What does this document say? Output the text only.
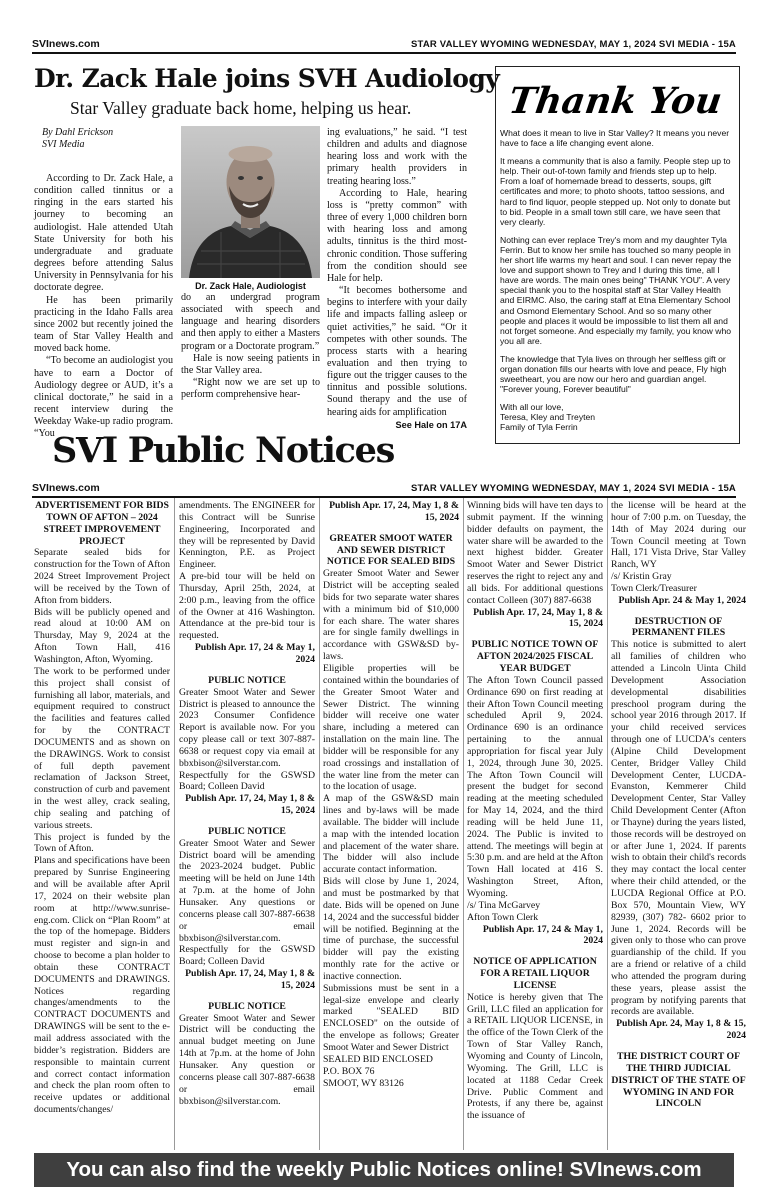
SVInews.com	STAR VALLEY WYOMING WEDNESDAY, MAY 1, 2024 SVI MEDIA - 15A
Dr. Zack Hale joins SVH Audiology
Star Valley graduate back home, helping us hear.
By Dahl Erickson
SVI Media

According to Dr. Zack Hale, a condition called tinnitus or a ringing in the ears started his journey to becoming an audiologist. Hale attended Utah State University for both his undergraduate and graduate degrees before attending Salus University in Pennsylvania for his doctorate degree.

He has been primarily practicing in the Idaho Falls area since 2002 but recently joined the team of Star Valley Health and moved back home.

“To become an audiologist you have to earn a Doctor of Audiology degree or AUD, it’s a clinical doctorate,” he said in a recent interview during the Weekday Wake-up radio program. “You

Dr. Zack Hale, Audiologist

do an undergrad program associated with speech and language and hearing disorders and then apply to either a Masters program or a Doctorate program.”

Hale is now seeing patients in the Star Valley area.

“Right now we are set up to perform comprehensive hear-

ing evaluations,” he said. “I test children and adults and diagnose hearing loss and work with the primary health providers in treating hearing loss.”

According to Hale, hearing loss is “pretty common” with three of every 1,000 children born with hearing loss and among adults, tinnitus is the third most-chronic condition. Those suffering from the condition should see Hale for help.

“It becomes bothersome and begins to interfere with your daily life and impacts falling asleep or quiet activities,” he said. “Or it competes with other sounds. The process starts with a hearing evaluation and then trying to figure out the trigger causes to the tinnitus and possible solutions. Sound therapy and the use of hearing aids for amplification

See Hale on 17A
Thank You

What does it mean to live in Star Valley? It means you never have to face a life changing event alone.

It means a community that is also a family. People step up to help. Their out-of-town family and friends step up to help. From a loaf of homemade bread to desserts, soups, gift certificates and more; to photo shoots, tattoo sessions, and hard to find liquor, people stepped up. Not only to donate but to bid. People in a small town still care, we have seen that very clearly.

Nothing can ever replace Trey's mom and my daughter Tyla Ferrin. But to know her smile has touched so many people in her short life warms my heart and soul. I can never repay the love and support shown to Trey and I during this time, all I have are words. The main ones being" THANK YOU". A very special thank you to the hospital staff at Star Valley Health and EIRMC. Also, the caring staff at Etna Elementary School and Osmond Elementary School. And so so many other people and places it would be impossible to list them all and not forget someone. And especially my family, you know who you all are.

The knowledge that Tyla lives on through her selfless gift or organ donation fills our hearts with love and peace, Fly high sweetheart, you are now our hero and guardian angel. "Forever young, Forever beautiful"

With all our love,
Teresa, Kley and Treyten
Family of Tyla Ferrin
SVI Public Notices
SVInews.com	STAR VALLEY WYOMING WEDNESDAY, MAY 1, 2024 SVI MEDIA - 15A
ADVERTISEMENT FOR BIDS TOWN OF AFTON – 2024 STREET IMPROVEMENT PROJECT
Separate sealed bids for construction for the Town of Afton 2024 Street Improvement Project will be received by the Town of Afton from bidders.
Bids will be publicly opened and read aloud at 10:00 AM on Thursday, May 9, 2024 at the Afton Town Hall, 416 Washington, Afton, Wyoming.
The work to be performed under this project shall consist of furnishing all labor, materials, and equipment required to construct the facilities and features called for by the CONTRACT DOCUMENTS and as shown on the DRAWINGS. Work to consist of full depth pavement reclamation of Jackson Street, construction of curb and pavement in the west alley, crack sealing, chip sealing and patching of various streets.
This project is funded by the Town of Afton.
Plans and specifications have been prepared by Sunrise Engineering and will be available after April 17, 2024 on their website plan room at http://www.sunrise-eng.com. Click on “Plan Room” at the top of the homepage. Bidders must register and sign-in and choose to become a plan holder to obtain these CONTRACT DOCUMENTS and DRAWINGS. Notices regarding changes/amendments to the CONTRACT DOCUMENTS and DRAWINGS will be sent to the e-mail address associated with the bidder’s registration. Bidders are responsible to maintain current and correct contact information and check the plan room often to receive updates or additional documents/changes/
amendments. The ENGINEER for this Contract will be Sunrise Engineering, Incorporated and they will be represented by David Kennington, P.E. as Project Engineer.
A pre-bid tour will be held on Thursday, April 25th, 2024, at 2:00 p.m., leaving from the office of the Owner at 416 Washington. Attendance at the pre-bid tour is requested.
Publish Apr. 17, 24 & May 1, 2024
PUBLIC NOTICE
Greater Smoot Water and Sewer District is pleased to announce the 2023 Consumer Confidence Report is available now. For you copy please call or text 307-887-6638 or request copy via email at bbxbison@silverstar.com.
Respectfully for the GSWSD Board; Colleen David
Publish Apr. 17, 24, May 1, 8 & 15, 2024
PUBLIC NOTICE
Greater Smoot Water and Sewer District board will be amending the 2023-2024 budget. Public meeting will be held on June 14th at 7p.m. at the home of John Hunsaker. Any questions or concerns please call 307-887-6638 or email bbxbison@silverstar.com.
Respectfully for the GSWSD Board; Colleen David
Publish Apr. 17, 24, May 1, 8 & 15, 2024
PUBLIC NOTICE
Greater Smoot Water and Sewer District will be conducting the annual budget meeting on June 14th at 7p.m. at the home of John Hunsaker. Any question or concerns please call 307-887-6638 or email bbxbison@silverstar.com.
Publish Apr. 17, 24, May 1, 8 & 15, 2024
GREATER SMOOT WATER AND SEWER DISTRICT NOTICE FOR SEALED BIDS
Greater Smoot Water and Sewer District will be accepting sealed bids for two separate water shares with a minimum bid of $10,000 for each share. The water shares are for single family dwellings in accordance with GSW&SD by-laws.
Eligible properties will be contained within the boundaries of the Greater Smoot Water and Sewer District. The winning bidder will receive one water share, including a metered can installation on the main line. The bidder will be responsible for any road crossings and installation of the water line from the meter can to the location of usage.
A map of the GSW&SD main lines and by-laws will be made available. The bidder will include a map with the intended location and placement of the water share. The bidder will also include accurate contact information.
Bids will close by June 1, 2024, and must be postmarked by that date. Bids will be opened on June 14, 2024 and the successful bidder will be notified. Beginning at the time of purchase, the successful bidder will pay the existing monthly rate for the active or inactive connection.
Submissions must be sent in a legal-size envelope and clearly marked "SEALED BID ENCLOSED" on the outside of the envelope as follows; Greater Smoot Water and Sewer District
SEALED BID ENCLOSED
P.O. BOX 76
SMOOT, WY 83126
Winning bids will have ten days to submit payment. If the winning bidder defaults on payment, the water share will be awarded to the next highest bidder. Greater Smoot Water and Sewer District reserves the right to reject any and all bids. For additional questions contact Colleen (307) 887-6638
Publish Apr. 17, 24, May 1, 8 & 15, 2024
PUBLIC NOTICE TOWN OF AFTON 2024/2025 FISCAL YEAR BUDGET
The Afton Town Council passed Ordinance 690 on first reading at their Afton Town Council meeting scheduled April 9, 2024. Ordinance 690 is an ordinance pertaining to the annual appropriation for fiscal year July 1, 2024, through June 30, 2025. The Afton Town Council will present the budget for second reading at the meeting scheduled for May 14, 2024, and the third reading will be held June 11, 2024. The Public is invited to attend. The meetings will begin at 5:30 p.m. and are held at the Afton Town Hall located at 416 S. Washington Street, Afton, Wyoming.
/s/ Tina McGarvey
Afton Town Clerk
Publish Apr. 17, 24 & May 1, 2024
NOTICE OF APPLICATION FOR A RETAIL LIQUOR LICENSE
Notice is hereby given that The Grill, LLC filed an application for a RETAIL LIQUOR LICENSE, in the office of the Town Clerk of the Town of Star Valley Ranch, Wyoming and County of Lincoln, Wyoming. The Grill, LLC is located at 1188 Cedar Creek Drive. Public Comment and Protests, if any there be, against the issuance of
the license will be heard at the hour of 7:00 p.m. on Tuesday, the 14th of May 2024 during our Town Council meeting at Town Hall, 171 Vista Drive, Star Valley Ranch, WY
/s/ Kristin Gray
Town Clerk/Treasurer
Publish Apr. 24 & May 1, 2024
DESTRUCTION OF PERMANENT FILES
This notice is submitted to alert all families of children who attended a Lincoln Uinta Child Development Association developmental disabilities preschool program during the school year 2016 through 2017. If your child received services through one of LUCDA's centers (Alpine Child Development Center, Bridger Valley Child Development Center, LUCDA-Evanston, Kemmerer Child Development Center, Star Valley Child Development Center (Afton or Thayne) during the years listed, those records will be destroyed on or after June 1, 2024. If parents wish to obtain their child's records they may contact the local center where their child attended, or the LUCDA Regional Office at P.O. Box 570, Mountain View, WY 82939, (307) 782- 6602 prior to June 1, 2024. Records will be given only to those who can prove guardianship of the child. If you are a friend or relative of a child who attended the program during these years, please assist the program by notifying parents that records are available.
Publish Apr. 24, May 1, 8 & 15, 2024
THE DISTRICT COURT OF THE THIRD JUDICIAL DISTRICT OF THE STATE OF WYOMING IN AND FOR LINCOLN
You can also find the weekly Public Notices online! SVInews.com
